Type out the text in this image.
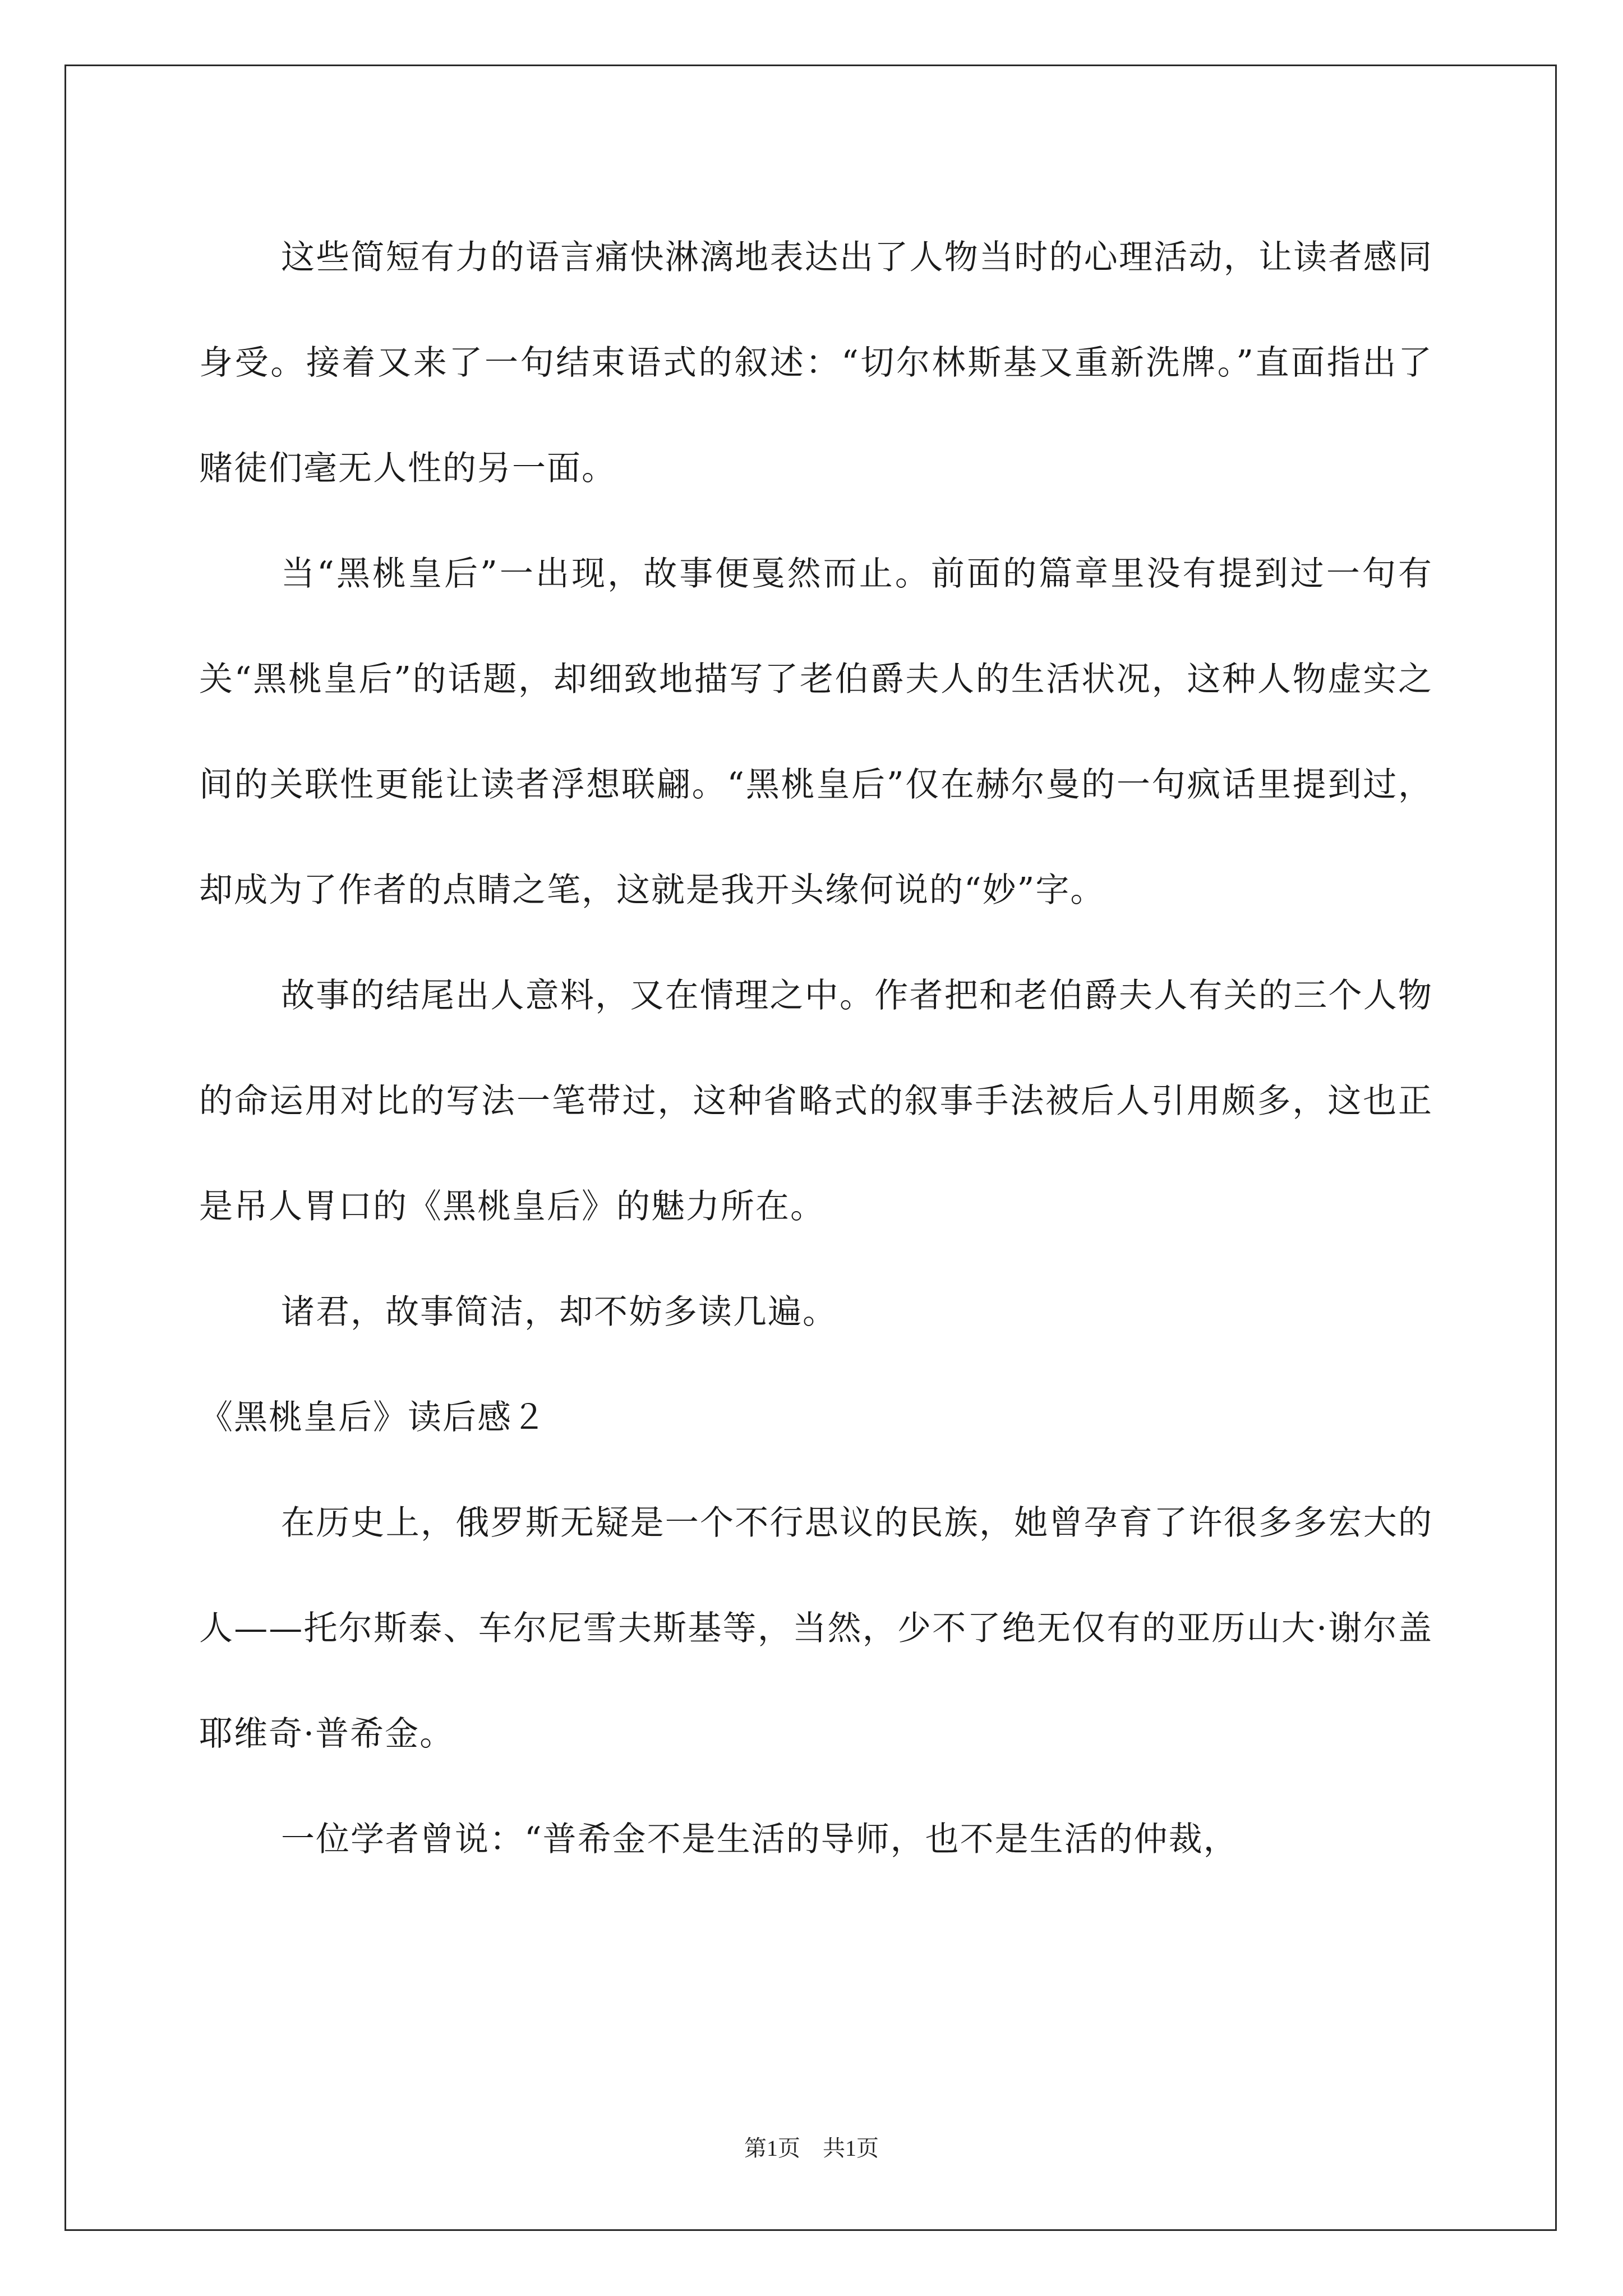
这些简短有力的语言痛快淋漓地表达出了人物当时的心理活动，让读者感同身受。接着又来了一句结束语式的叙述：“切尔林斯基又重新洗牌。”直面指出了赌徒们毫无人性的另一面。

当“黑桃皇后”一出现，故事便戛然而止。前面的篇章里没有提到过一句有关“黑桃皇后”的话题，却细致地描写了老伯爵夫人的生活状况，这种人物虚实之间的关联性更能让读者浮想联翩。“黑桃皇后”仅在赫尔曼的一句疯话里提到过，却成为了作者的点睛之笔，这就是我开头缘何说的“妙”字。

故事的结尾出人意料，又在情理之中。作者把和老伯爵夫人有关的三个人物的命运用对比的写法一笔带过，这种省略式的叙事手法被后人引用颇多，这也正是吊人胃口的《黑桃皇后》的魅力所在。

诸君，故事简洁，却不妨多读几遍。

《黑桃皇后》读后感２

在历史上，俄罗斯无疑是一个不行思议的民族，她曾孕育了许很多多宏大的人——托尔斯泰、车尔尼雪夫斯基等，当然，少不了绝无仅有的亚历山大·谢尔盖耶维奇·普希金。

一位学者曾说：“普希金不是生活的导师，也不是生活的仲裁，

第1页 共1页
